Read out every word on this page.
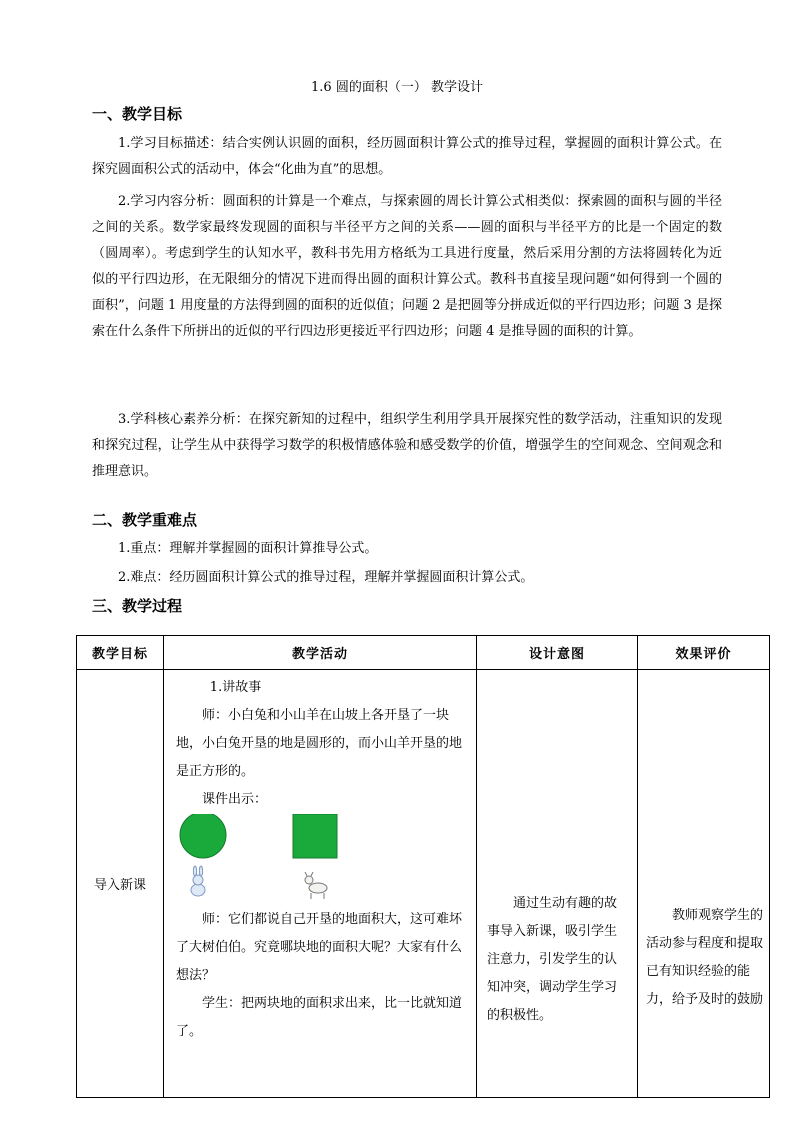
1.6 圆的面积（一） 教学设计
一、教学目标

1.学习目标描述：结合实例认识圆的面积，经历圆面积计算公式的推导过程，掌握圆的面积计算公式。在探究圆面积公式的活动中，体会“化曲为直”的思想。

2.学习内容分析：圆面积的计算是一个难点，与探索圆的周长计算公式相类似：探索圆的面积与圆的半径之间的关系。数学家最终发现圆的面积与半径平方之间的关系——圆的面积与半径平方的比是一个固定的数 （圆周率）。考虑到学生的认知水平，教科书先用方格纸为工具进行度量，然后采用分割的方法将圆转化为近似的平行四边形，在无限细分的情况下进而得出圆的面积计算公式。教科书直接呈现问题“如何得到一个圆的面积”，问题 1 用度量的方法得到圆的面积的近似值；问题 2 是把圆等分拼成近似的平行四边形；问题 3 是探索在什么条件下所拼出的近似的平行四边形更接近平行四边形；问题 4 是推导圆的面积的计算。

3.学科核心素养分析：在探究新知的过程中，组织学生利用学具开展探究性的数学活动，注重知识的发现和探究过程，让学生从中获得学习数学的积极情感体验和感受数学的价值，增强学生的空间观念、空间观念和推理意识。

二、教学重难点

1.重点：理解并掌握圆的面积计算推导公式。

2.难点：经历圆面积计算公式的推导过程，理解并掌握圆面积计算公式。

三、教学过程
教学目标	教学活动	设计意图	效果评价
导入新课	1.讲故事

师：小白兔和小山羊在山坡上各开垦了一块地，小白兔开垦的地是圆形的，而小山羊开垦的地是正方形的。

课件出示：

师：它们都说自己开垦的地面积大，这可难坏了大树伯伯。究竟哪块地的面积大呢？大家有什么想法？

学生：把两块地的面积求出来，比一比就知道了。	通过生动有趣的故事导入新课，吸引学生注意力，引发学生的认知冲突，调动学生学习的积极性。	教师观察学生的活动参与程度和提取已有知识经验的能力，给予及时的鼓励
